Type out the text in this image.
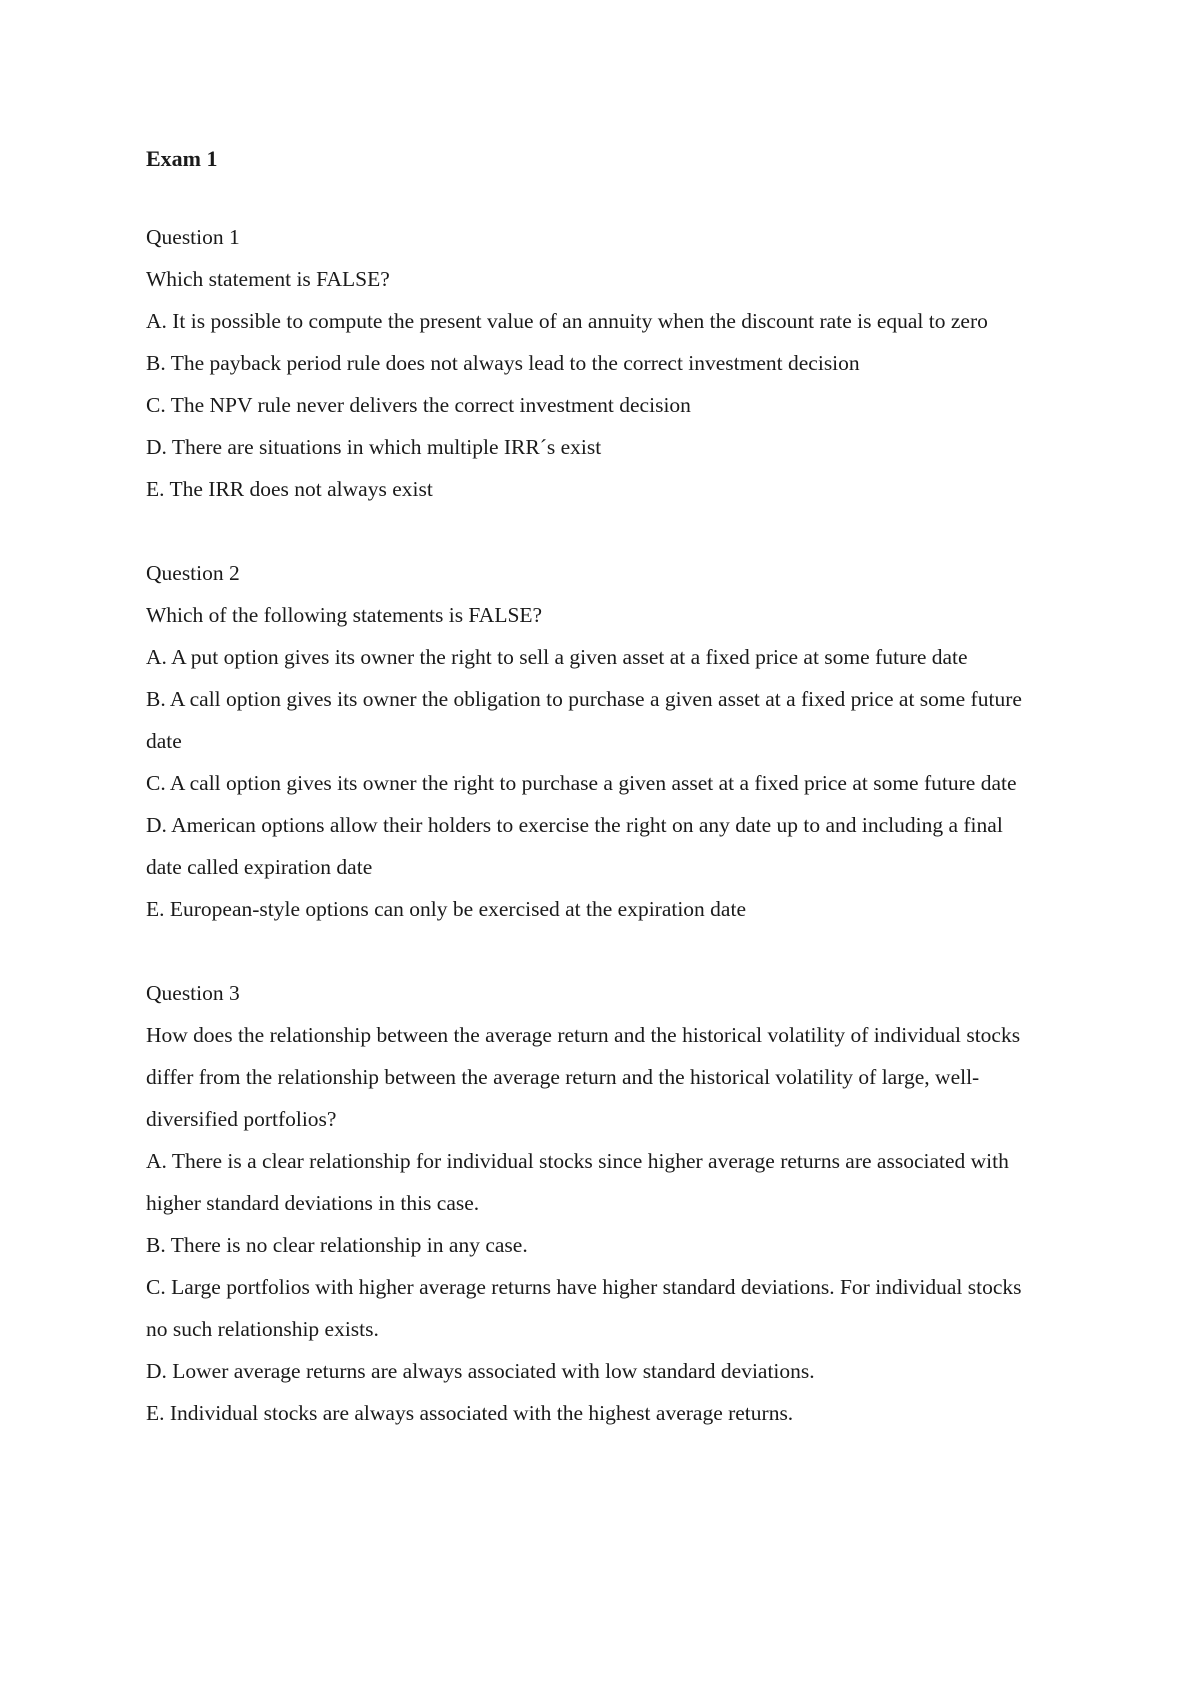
Exam 1
Question 1
Which statement is FALSE?
A. It is possible to compute the present value of an annuity when the discount rate is equal to zero
B. The payback period rule does not always lead to the correct investment decision
C. The NPV rule never delivers the correct investment decision
D. There are situations in which multiple IRR´s exist
E. The IRR does not always exist
Question 2
Which of the following statements is FALSE?
A. A put option gives its owner the right to sell a given asset at a fixed price at some future date
B. A call option gives its owner the obligation to purchase a given asset at a fixed price at some future date
C. A call option gives its owner the right to purchase a given asset at a fixed price at some future date
D. American options allow their holders to exercise the right on any date up to and including a final date called expiration date
E. European-style options can only be exercised at the expiration date
Question 3
How does the relationship between the average return and the historical volatility of individual stocks differ from the relationship between the average return and the historical volatility of large, well-diversified portfolios?
A. There is a clear relationship for individual stocks since higher average returns are associated with higher standard deviations in this case.
B. There is no clear relationship in any case.
C. Large portfolios with higher average returns have higher standard deviations. For individual stocks no such relationship exists.
D. Lower average returns are always associated with low standard deviations.
E. Individual stocks are always associated with the highest average returns.
